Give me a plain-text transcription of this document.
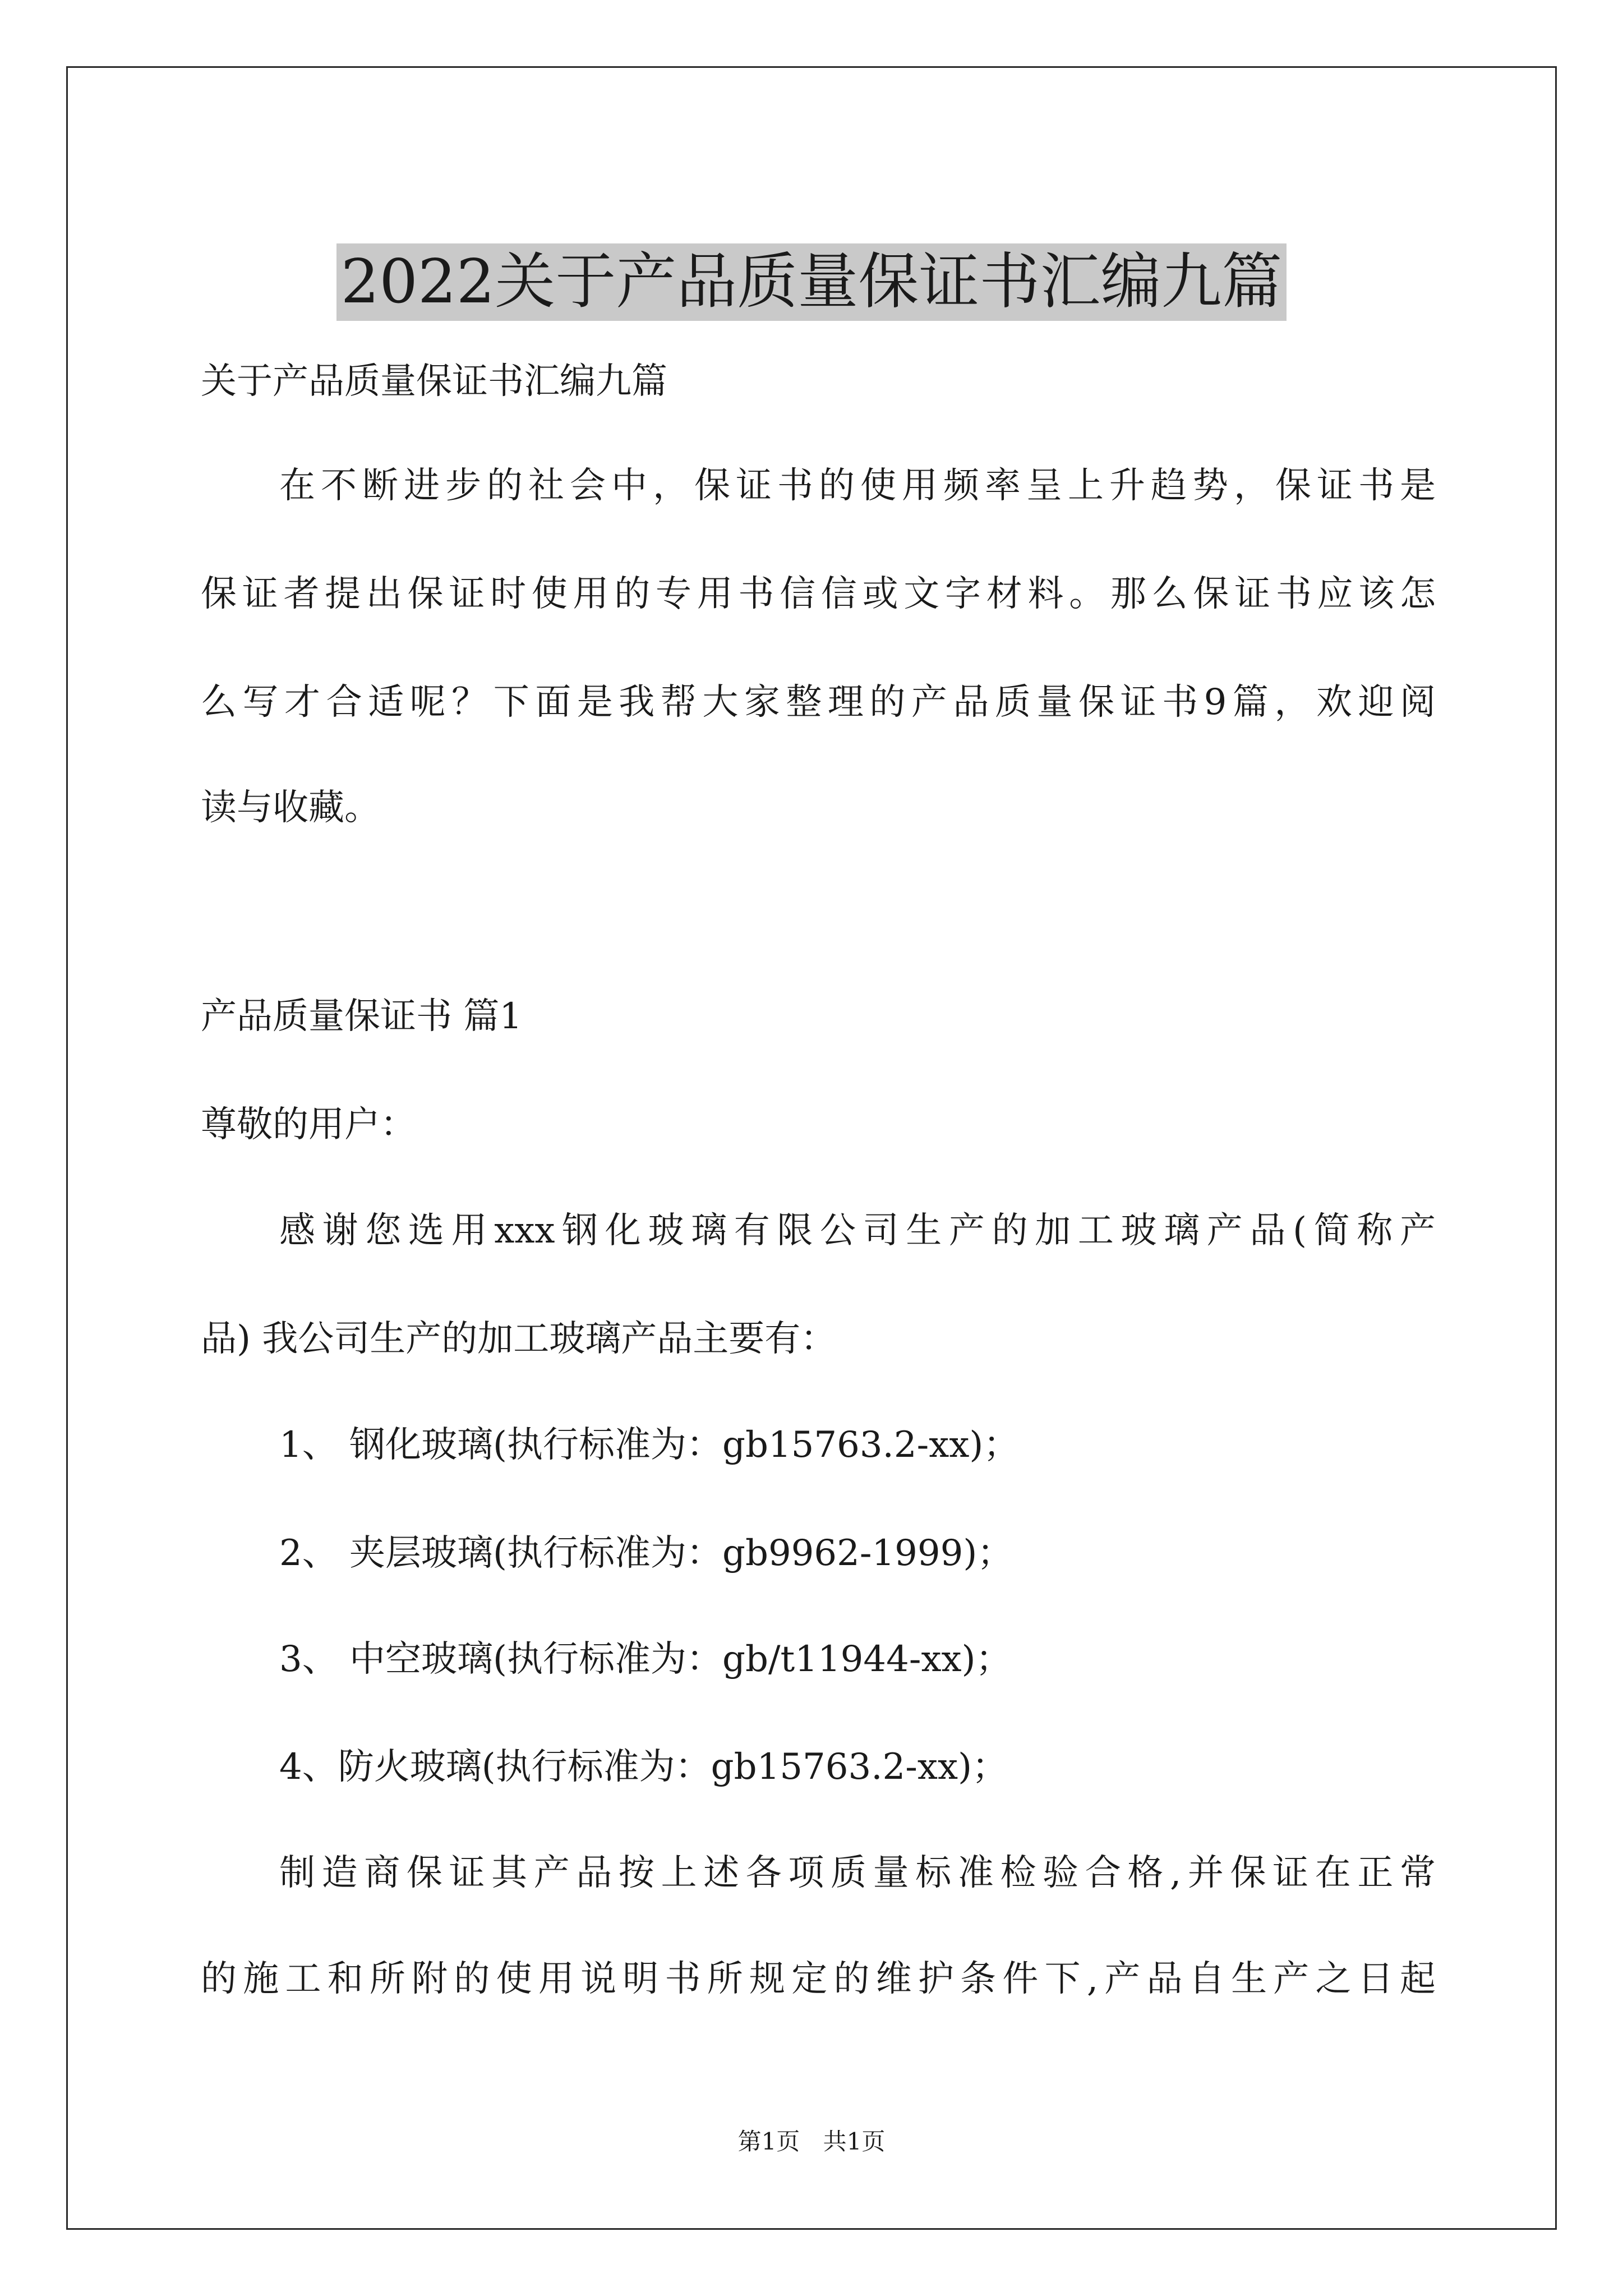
2022关于产品质量保证书汇编九篇
关于产品质量保证书汇编九篇
在不断进步的社会中，保证书的使用频率呈上升趋势，保证书是
保证者提出保证时使用的专用书信信或文字材料。那么保证书应该怎
么写才合适呢？下面是我帮大家整理的产品质量保证书9篇，欢迎阅
读与收藏。
产品质量保证书 篇1
尊敬的用户：
感谢您选用xxx钢化玻璃有限公司生产的加工玻璃产品(简称产
品) 我公司生产的加工玻璃产品主要有：
1、 钢化玻璃(执行标准为：gb15763.2-xx)；
2、 夹层玻璃(执行标准为：gb9962-1999)；
3、 中空玻璃(执行标准为：gb/t11944-xx)；
4、防火玻璃(执行标准为：gb15763.2-xx)；
制造商保证其产品按上述各项质量标准检验合格,并保证在正常
的施工和所附的使用说明书所规定的维护条件下,产品自生产之日起
第1页 共1页
